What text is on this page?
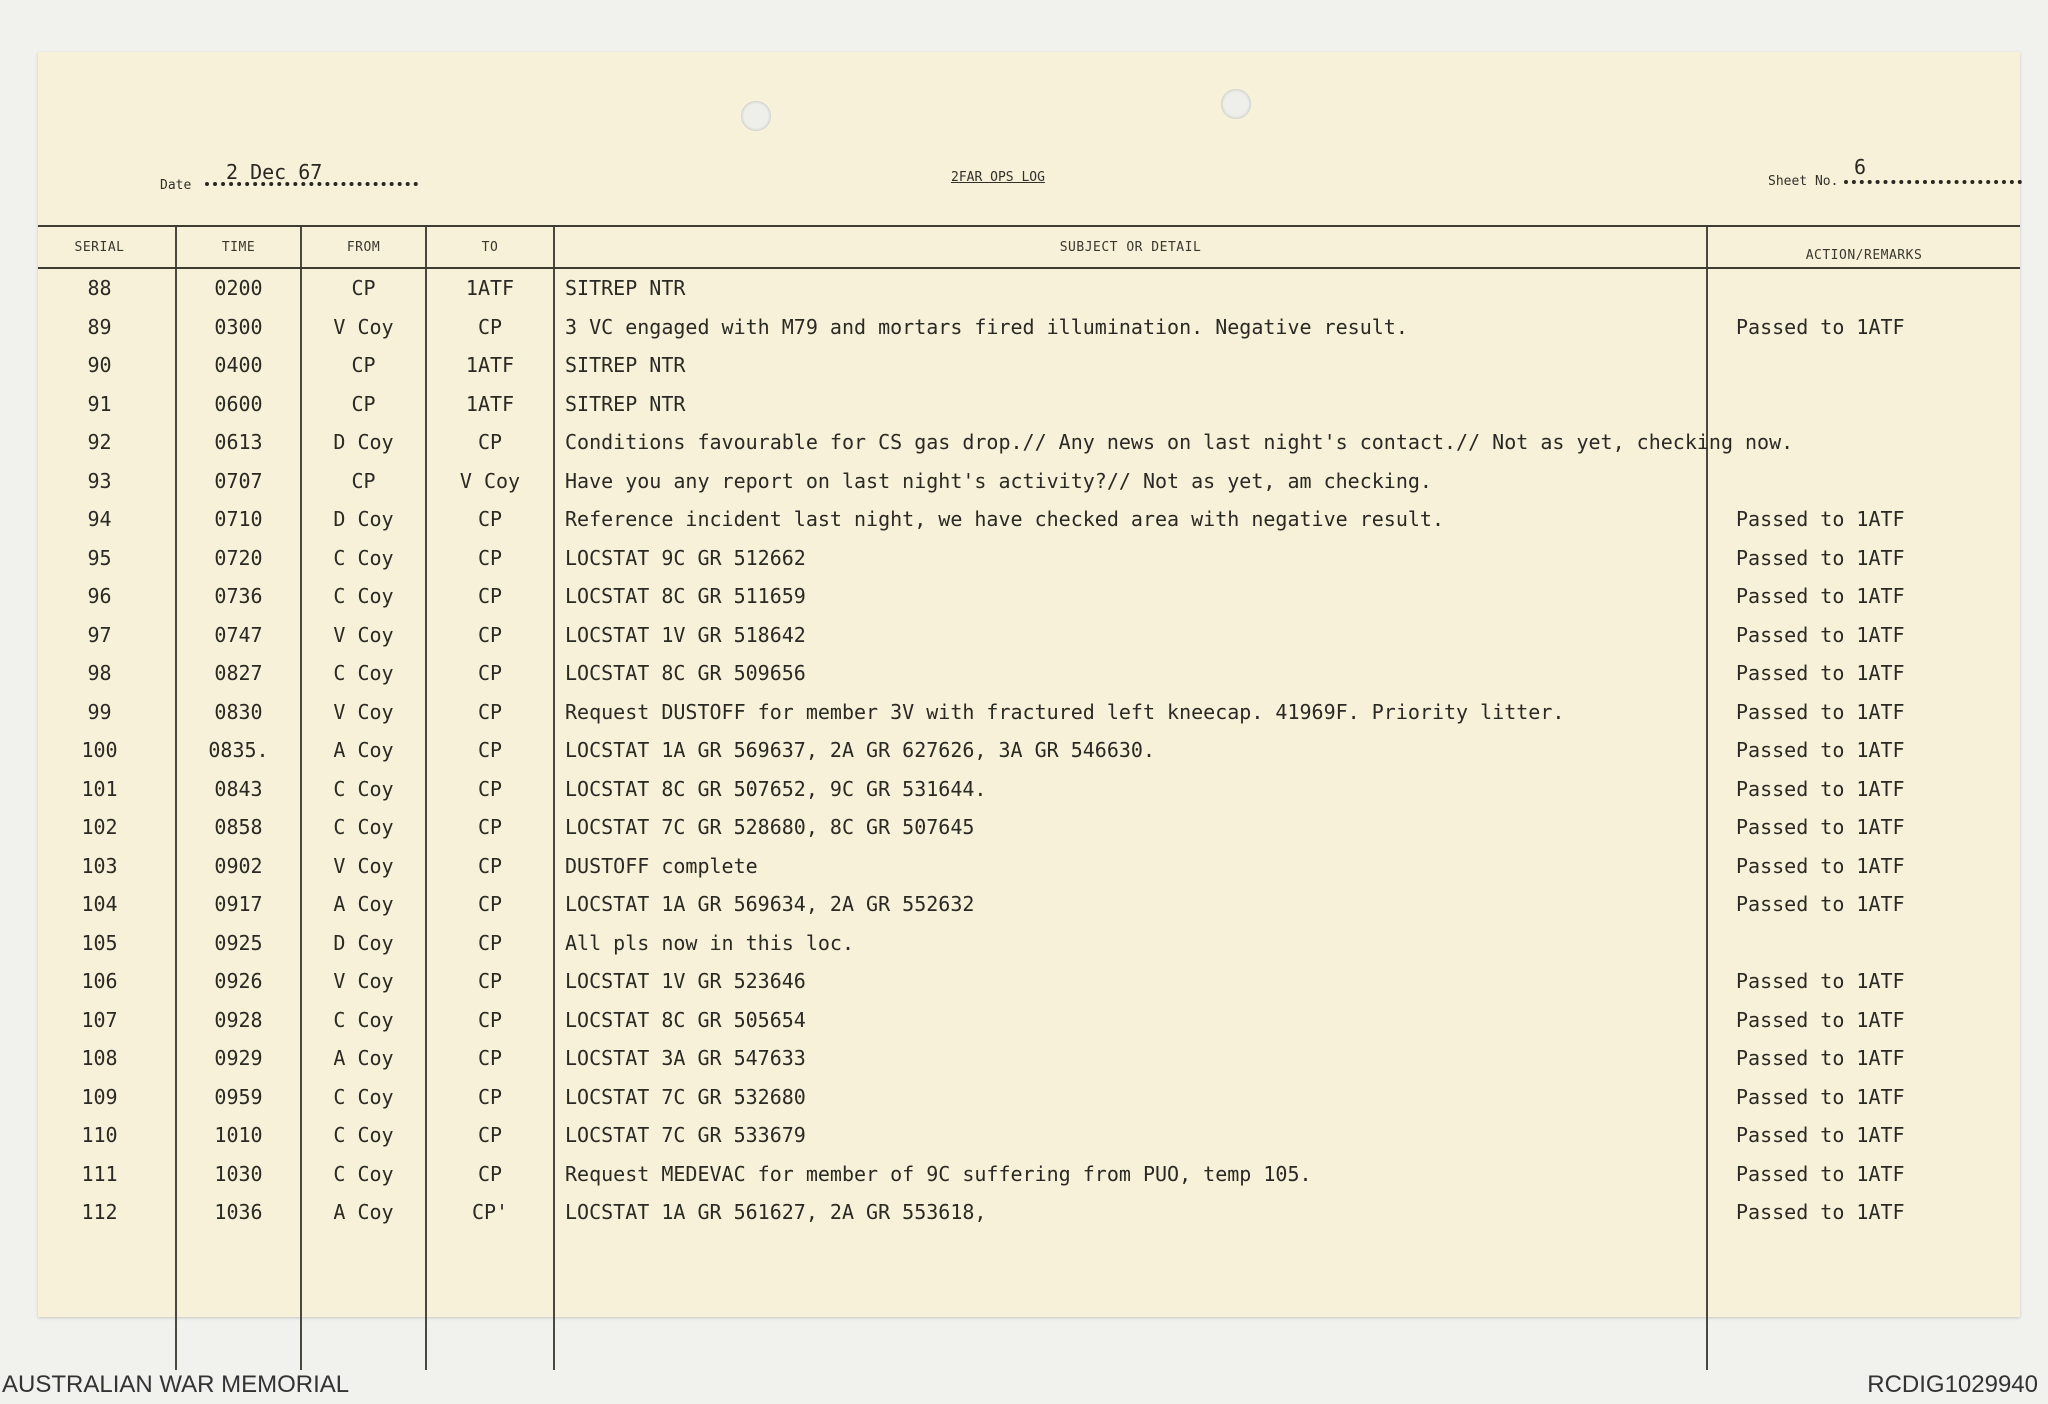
Date
2 Dec 67	2FAR OPS LOG	Sheet No.
6
SERIAL	TIME	FROM	TO	SUBJECT OR DETAIL	ACTION/REMARKS
88	0200	CP	1ATF	SITREP NTR	
89	0300	V Coy	CP	3 VC engaged with M79 and mortars fired illumination. Negative result.	Passed to 1ATF
90	0400	CP	1ATF	SITREP NTR	
91	0600	CP	1ATF	SITREP NTR	
92	0613	D Coy	CP	Conditions favourable for CS gas drop.// Any news on last night's contact.// Not as yet, checking now.	
93	0707	CP	V Coy	Have you any report on last night's activity?// Not as yet, am checking.	
94	0710	D Coy	CP	Reference incident last night, we have checked area with negative result.	Passed to 1ATF
95	0720	C Coy	CP	LOCSTAT 9C GR 512662	Passed to 1ATF
96	0736	C Coy	CP	LOCSTAT 8C GR 511659	Passed to 1ATF
97	0747	V Coy	CP	LOCSTAT 1V GR 518642	Passed to 1ATF
98	0827	C Coy	CP	LOCSTAT 8C GR 509656	Passed to 1ATF
99	0830	V Coy	CP	Request DUSTOFF for member 3V with fractured left kneecap. 41969F. Priority litter.	Passed to 1ATF
100	0835.	A Coy	CP	LOCSTAT 1A GR 569637, 2A GR 627626, 3A GR 546630.	Passed to 1ATF
101	0843	C Coy	CP	LOCSTAT 8C GR 507652, 9C GR 531644.	Passed to 1ATF
102	0858	C Coy	CP	LOCSTAT 7C GR 528680, 8C GR 507645	Passed to 1ATF
103	0902	V Coy	CP	DUSTOFF complete	Passed to 1ATF
104	0917	A Coy	CP	LOCSTAT 1A GR 569634, 2A GR 552632	Passed to 1ATF
105	0925	D Coy	CP	All pls now in this loc.	
106	0926	V Coy	CP	LOCSTAT 1V GR 523646	Passed to 1ATF
107	0928	C Coy	CP	LOCSTAT 8C GR 505654	Passed to 1ATF
108	0929	A Coy	CP	LOCSTAT 3A GR 547633	Passed to 1ATF
109	0959	C Coy	CP	LOCSTAT 7C GR 532680	Passed to 1ATF
110	1010	C Coy	CP	LOCSTAT 7C GR 533679	Passed to 1ATF
111	1030	C Coy	CP	Request MEDEVAC for member of 9C suffering from PUO, temp 105.	Passed to 1ATF
112	1036	A Coy	CP'	LOCSTAT 1A GR 561627, 2A GR 553618,	Passed to 1ATF

AUSTRALIAN WAR MEMORIAL	RCDIG1029940
